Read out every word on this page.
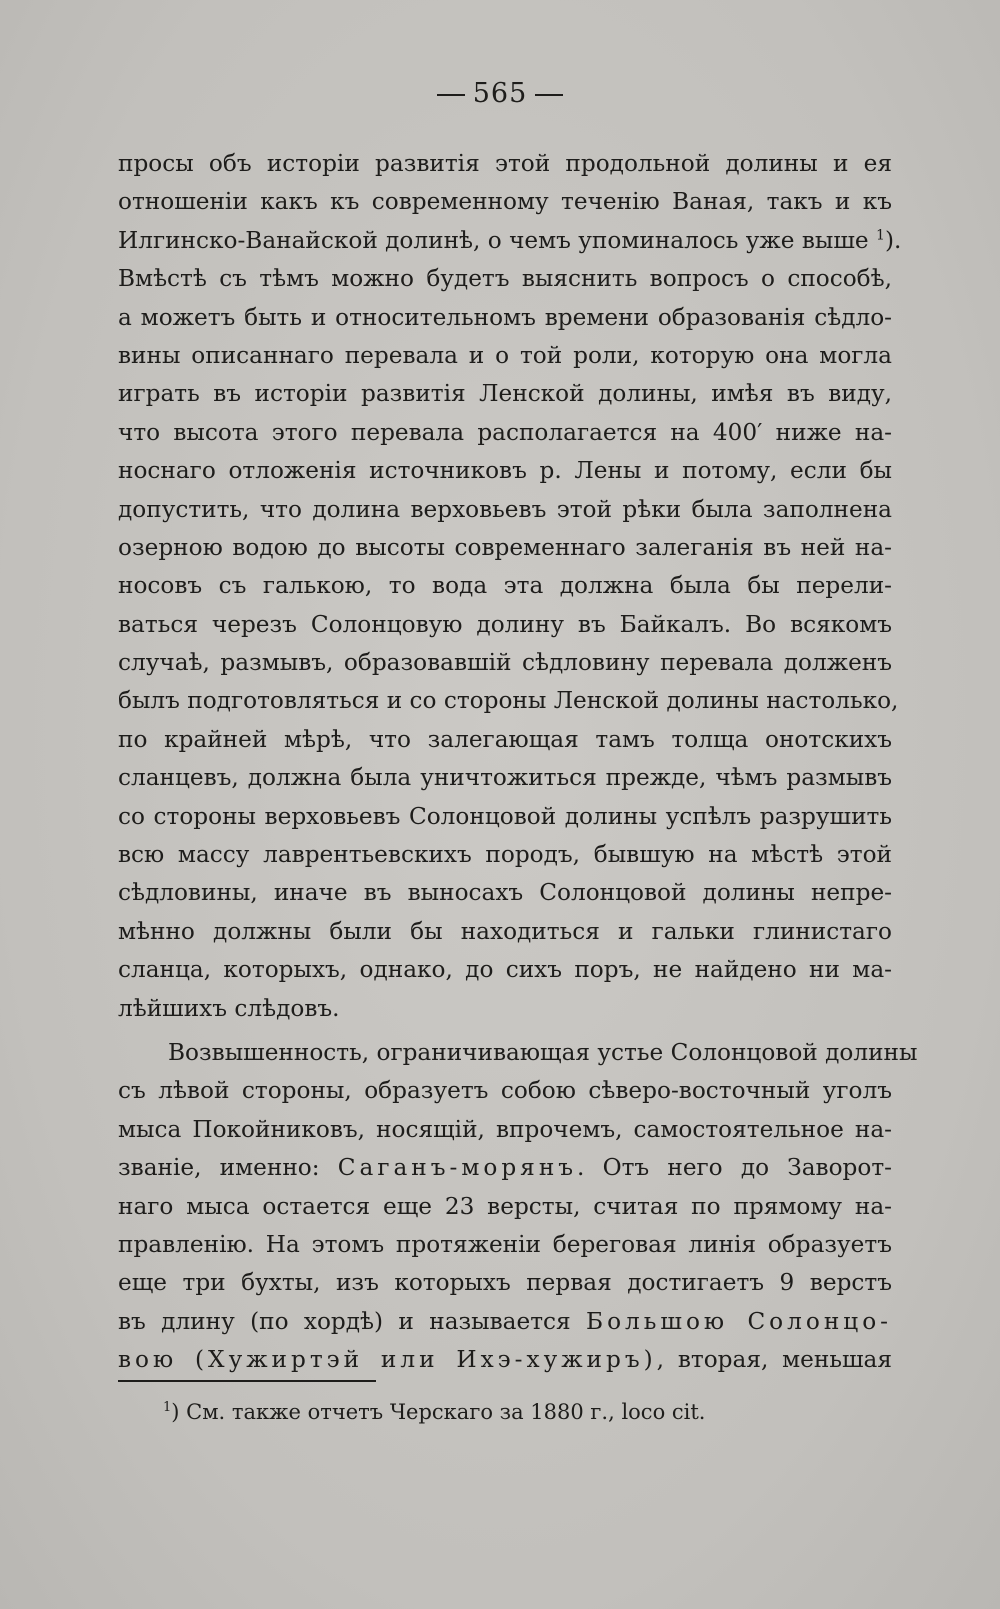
565
просы объ исторіи развитія этой продольной долины и ея
отношеніи какъ къ современному теченію Ваная, такъ и къ
Илгинско-Ванайской долинѣ, о чемъ упоминалось уже выше $^1$).
Вмѣстѣ съ тѣмъ можно будетъ выяснить вопросъ о способѣ,
а можетъ быть и относительномъ времени образованія сѣдло-
вины описаннаго перевала и о той роли, которую она могла
играть въ исторіи развитія Ленской долины, имѣя въ виду,
что высота этого перевала располагается на 400′ ниже на-
носнаго отложенія источниковъ р. Лены и потому, если бы
допустить, что долина верховьевъ этой рѣки была заполнена
озерною водою до высоты современнаго залеганія въ ней на-
носовъ съ галькою, то вода эта должна была бы перели-
ваться черезъ Солонцовую долину въ Байкалъ. Во всякомъ
случаѣ, размывъ, образовавшій сѣдловину перевала долженъ
былъ подготовляться и со стороны Ленской долины настолько,
по крайней мѣрѣ, что залегающая тамъ толща онотскихъ
сланцевъ, должна была уничтожиться прежде, чѣмъ размывъ
со стороны верховьевъ Солонцовой долины успѣлъ разрушить
всю массу лаврентьевскихъ породъ, бывшую на мѣстѣ этой
сѣдловины, иначе въ выносахъ Солонцовой долины непре-
мѣнно должны были бы находиться и гальки глинистаго
сланца, которыхъ, однако, до сихъ поръ, не найдено ни ма-
лѣйшихъ слѣдовъ.
Возвышенность, ограничивающая устье Солонцовой долины
съ лѣвой стороны, образуетъ собою сѣверо-восточный уголъ
мыса Покойниковъ, носящій, впрочемъ, самостоятельное на-
званіе, именно: Саганъ-морянъ. Отъ него до Заворот-
наго мыса остается еще 23 версты, считая по прямому на-
правленію. На этомъ протяженіи береговая линія образуетъ
еще три бухты, изъ которыхъ первая достигаетъ 9 верстъ
въ длину (по хордѣ) и называется Большою Солонцо-
вою (Хужиртэй или Ихэ-хужиръ), вторая, меньшая
$^1$) См. также отчетъ Черскаго за 1880 г., loco cit.
